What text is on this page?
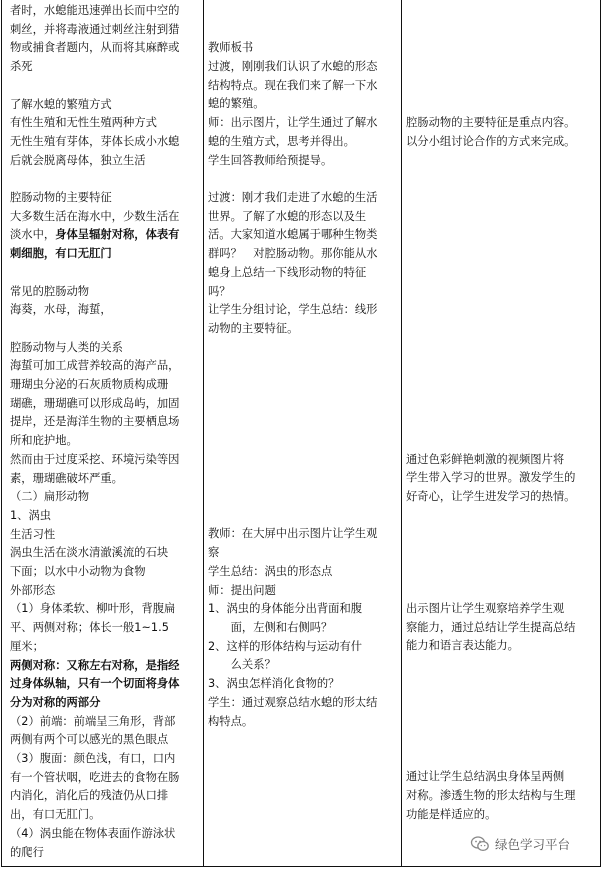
者时，水螅能迅速弹出长而中空的

刺丝，并将毒液通过刺丝注射到猎

物或捕食者题内，从而将其麻醉或

杀死

了解水螅的繁殖方式

有性生殖和无性生殖两种方式

无性生殖有芽体，芽体长成小水螅

后就会脱离母体，独立生活

腔肠动物的主要特征

大多数生活在海水中，少数生活在

淡水中，身体呈辐射对称，体表有

刺细胞，有口无肛门

常见的腔肠动物

海葵，水母，海蜇，

腔肠动物与人类的关系

海蜇可加工成营养较高的海产品，

珊瑚虫分泌的石灰质物质构成珊

瑚礁，珊瑚礁可以形成岛屿，加固

提岸，还是海洋生物的主要栖息场

所和庇护地。

然而由于过度采挖、环境污染等因

素，珊瑚礁破坏严重。

（二）扁形动物

1、涡虫

生活习性

涡虫生活在淡水清澈溪流的石块

下面；以水中小动物为食物

外部形态

（1）身体柔软、柳叶形，背腹扁

平、两侧对称；体长一般1~1.5

厘米；

两侧对称：又称左右对称，是指经

过身体纵轴，只有一个切面将身体

分为对称的两部分

（2）前端：前端呈三角形，背部

两侧有两个可以感光的黑色眼点

（3）腹面：颜色浅，有口，口内

有一个管状咽，吃进去的食物在肠

内消化，消化后的残渣仍从口排

出，有口无肛门。

（4）涡虫能在物体表面作游泳状

的爬行

教师板书

过渡，刚刚我们认识了水螅的形态

结构特点。现在我们来了解一下水

螅的繁殖。

师：出示图片，让学生通过了解水

螅的生殖方式，思考并得出。

学生回答教师给预提导。

过渡：刚才我们走进了水螅的生活

世界。了解了水螅的形态以及生

活。大家知道水螅属于哪种生物类

群吗？　对腔肠动物。那你能从水

螅身上总结一下线形动物的特征

吗？

让学生分组讨论，学生总结：线形

动物的主要特征。

教师：在大屏中出示图片让学生观

察

学生总结：涡虫的形态点

师：提出问题

1、涡虫的身体能分出背面和腹

　　面，左侧和右侧吗？

2、这样的形体结构与运动有什

　　么关系？

3、涡虫怎样消化食物的？

学生：通过观察总结水螅的形太结

构特点。

腔肠动物的主要特征是重点内容。

以分小组讨论合作的方式来完成。

通过色彩鲜艳刺激的视频图片将

学生带入学习的世界。激发学生的

好奇心，让学生进发学习的热情。

出示图片让学生观察培养学生观

察能力，通过总结让学生提高总结

能力和语言表达能力。

通过让学生总结涡虫身体呈两侧

对称。渗透生物的形太结构与生理

功能是样适应的。

绿色学习平台
